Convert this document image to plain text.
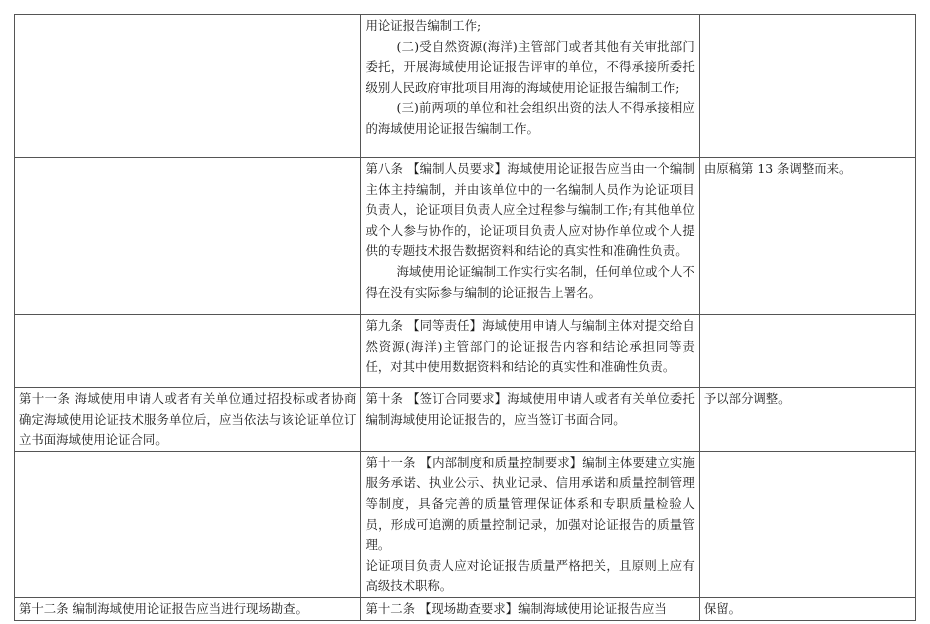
	用论证报告编制工作;

(二)受自然资源(海洋)主管部门或者其他有关审批部门委托，开展海域使用论证报告评审的单位，不得承接所委托级别人民政府审批项目用海的海域使用论证报告编制工作;

(三)前两项的单位和社会组织出资的法人不得承接相应的海域使用论证报告编制工作。	

	第八条 【编制人员要求】海域使用论证报告应当由一个编制主体主持编制，并由该单位中的一名编制人员作为论证项目负责人，论证项目负责人应全过程参与编制工作;有其他单位或个人参与协作的，论证项目负责人应对协作单位或个人提供的专题技术报告数据资料和结论的真实性和准确性负责。

海域使用论证编制工作实行实名制，任何单位或个人不得在没有实际参与编制的论证报告上署名。	由原稿第 13 条调整而来。

	第九条 【同等责任】海域使用申请人与编制主体对提交给自然资源(海洋)主管部门的论证报告内容和结论承担同等责任，对其中使用数据资料和结论的真实性和准确性负责。	

第十一条 海域使用申请人或者有关单位通过招投标或者协商确定海域使用论证技术服务单位后，应当依法与该论证单位订立书面海域使用论证合同。	第十条 【签订合同要求】海域使用申请人或者有关单位委托编制海域使用论证报告的，应当签订书面合同。	予以部分调整。

	第十一条 【内部制度和质量控制要求】编制主体要建立实施服务承诺、执业公示、执业记录、信用承诺和质量控制管理等制度，具备完善的质量管理保证体系和专职质量检验人员，形成可追溯的质量控制记录，加强对论证报告的质量管理。

论证项目负责人应对论证报告质量严格把关，且原则上应有高级技术职称。	

第十二条 编制海域使用论证报告应当进行现场勘查。	第十二条 【现场勘查要求】编制海域使用论证报告应当	保留。
